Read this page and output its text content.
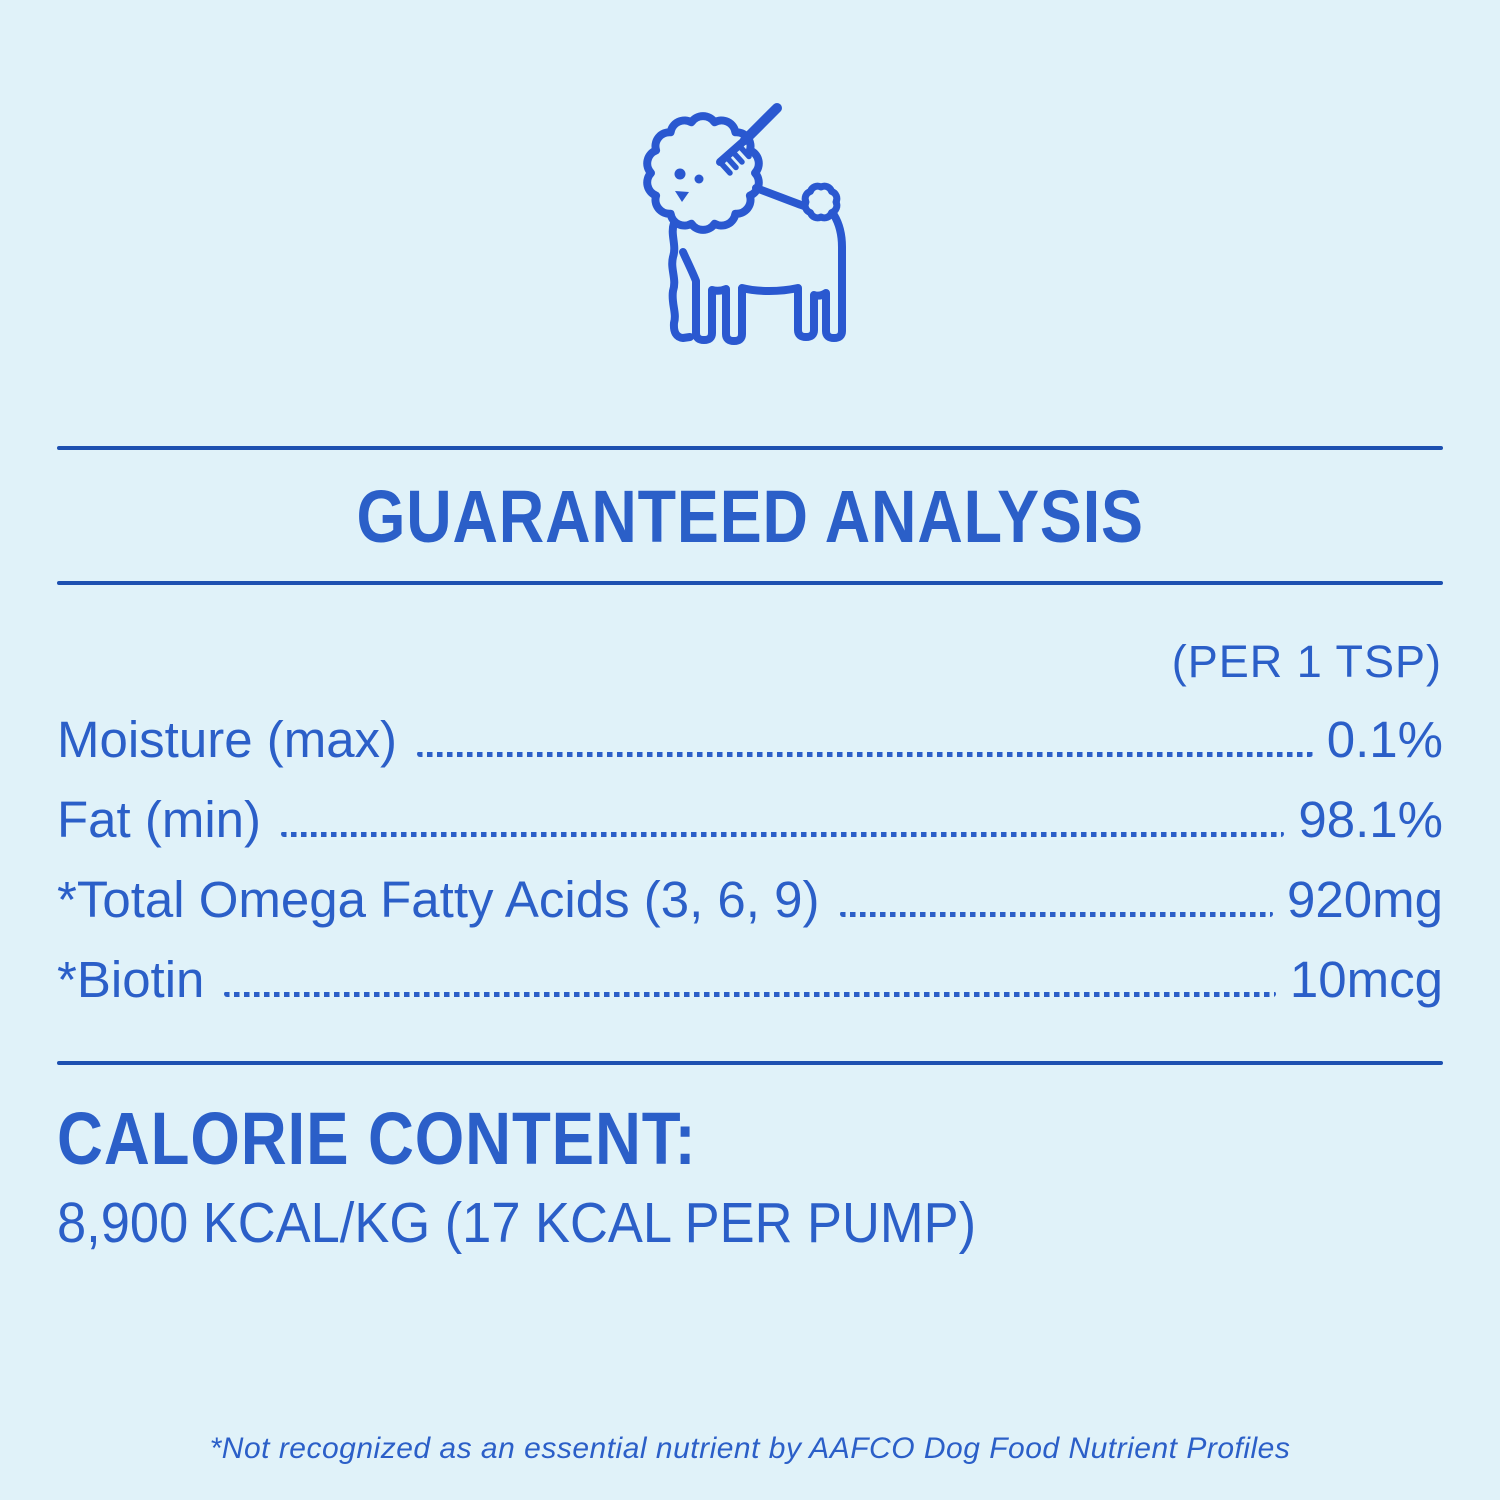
GUARANTEED ANALYSIS
(PER 1 TSP)
Moisture (max)	0.1%
Fat (min)	98.1%
*Total Omega Fatty Acids (3, 6, 9)	920mg
*Biotin	10mcg
CALORIE CONTENT:
8,900 KCAL/KG (17 KCAL PER PUMP)
*Not recognized as an essential nutrient by AAFCO Dog Food Nutrient Profiles
